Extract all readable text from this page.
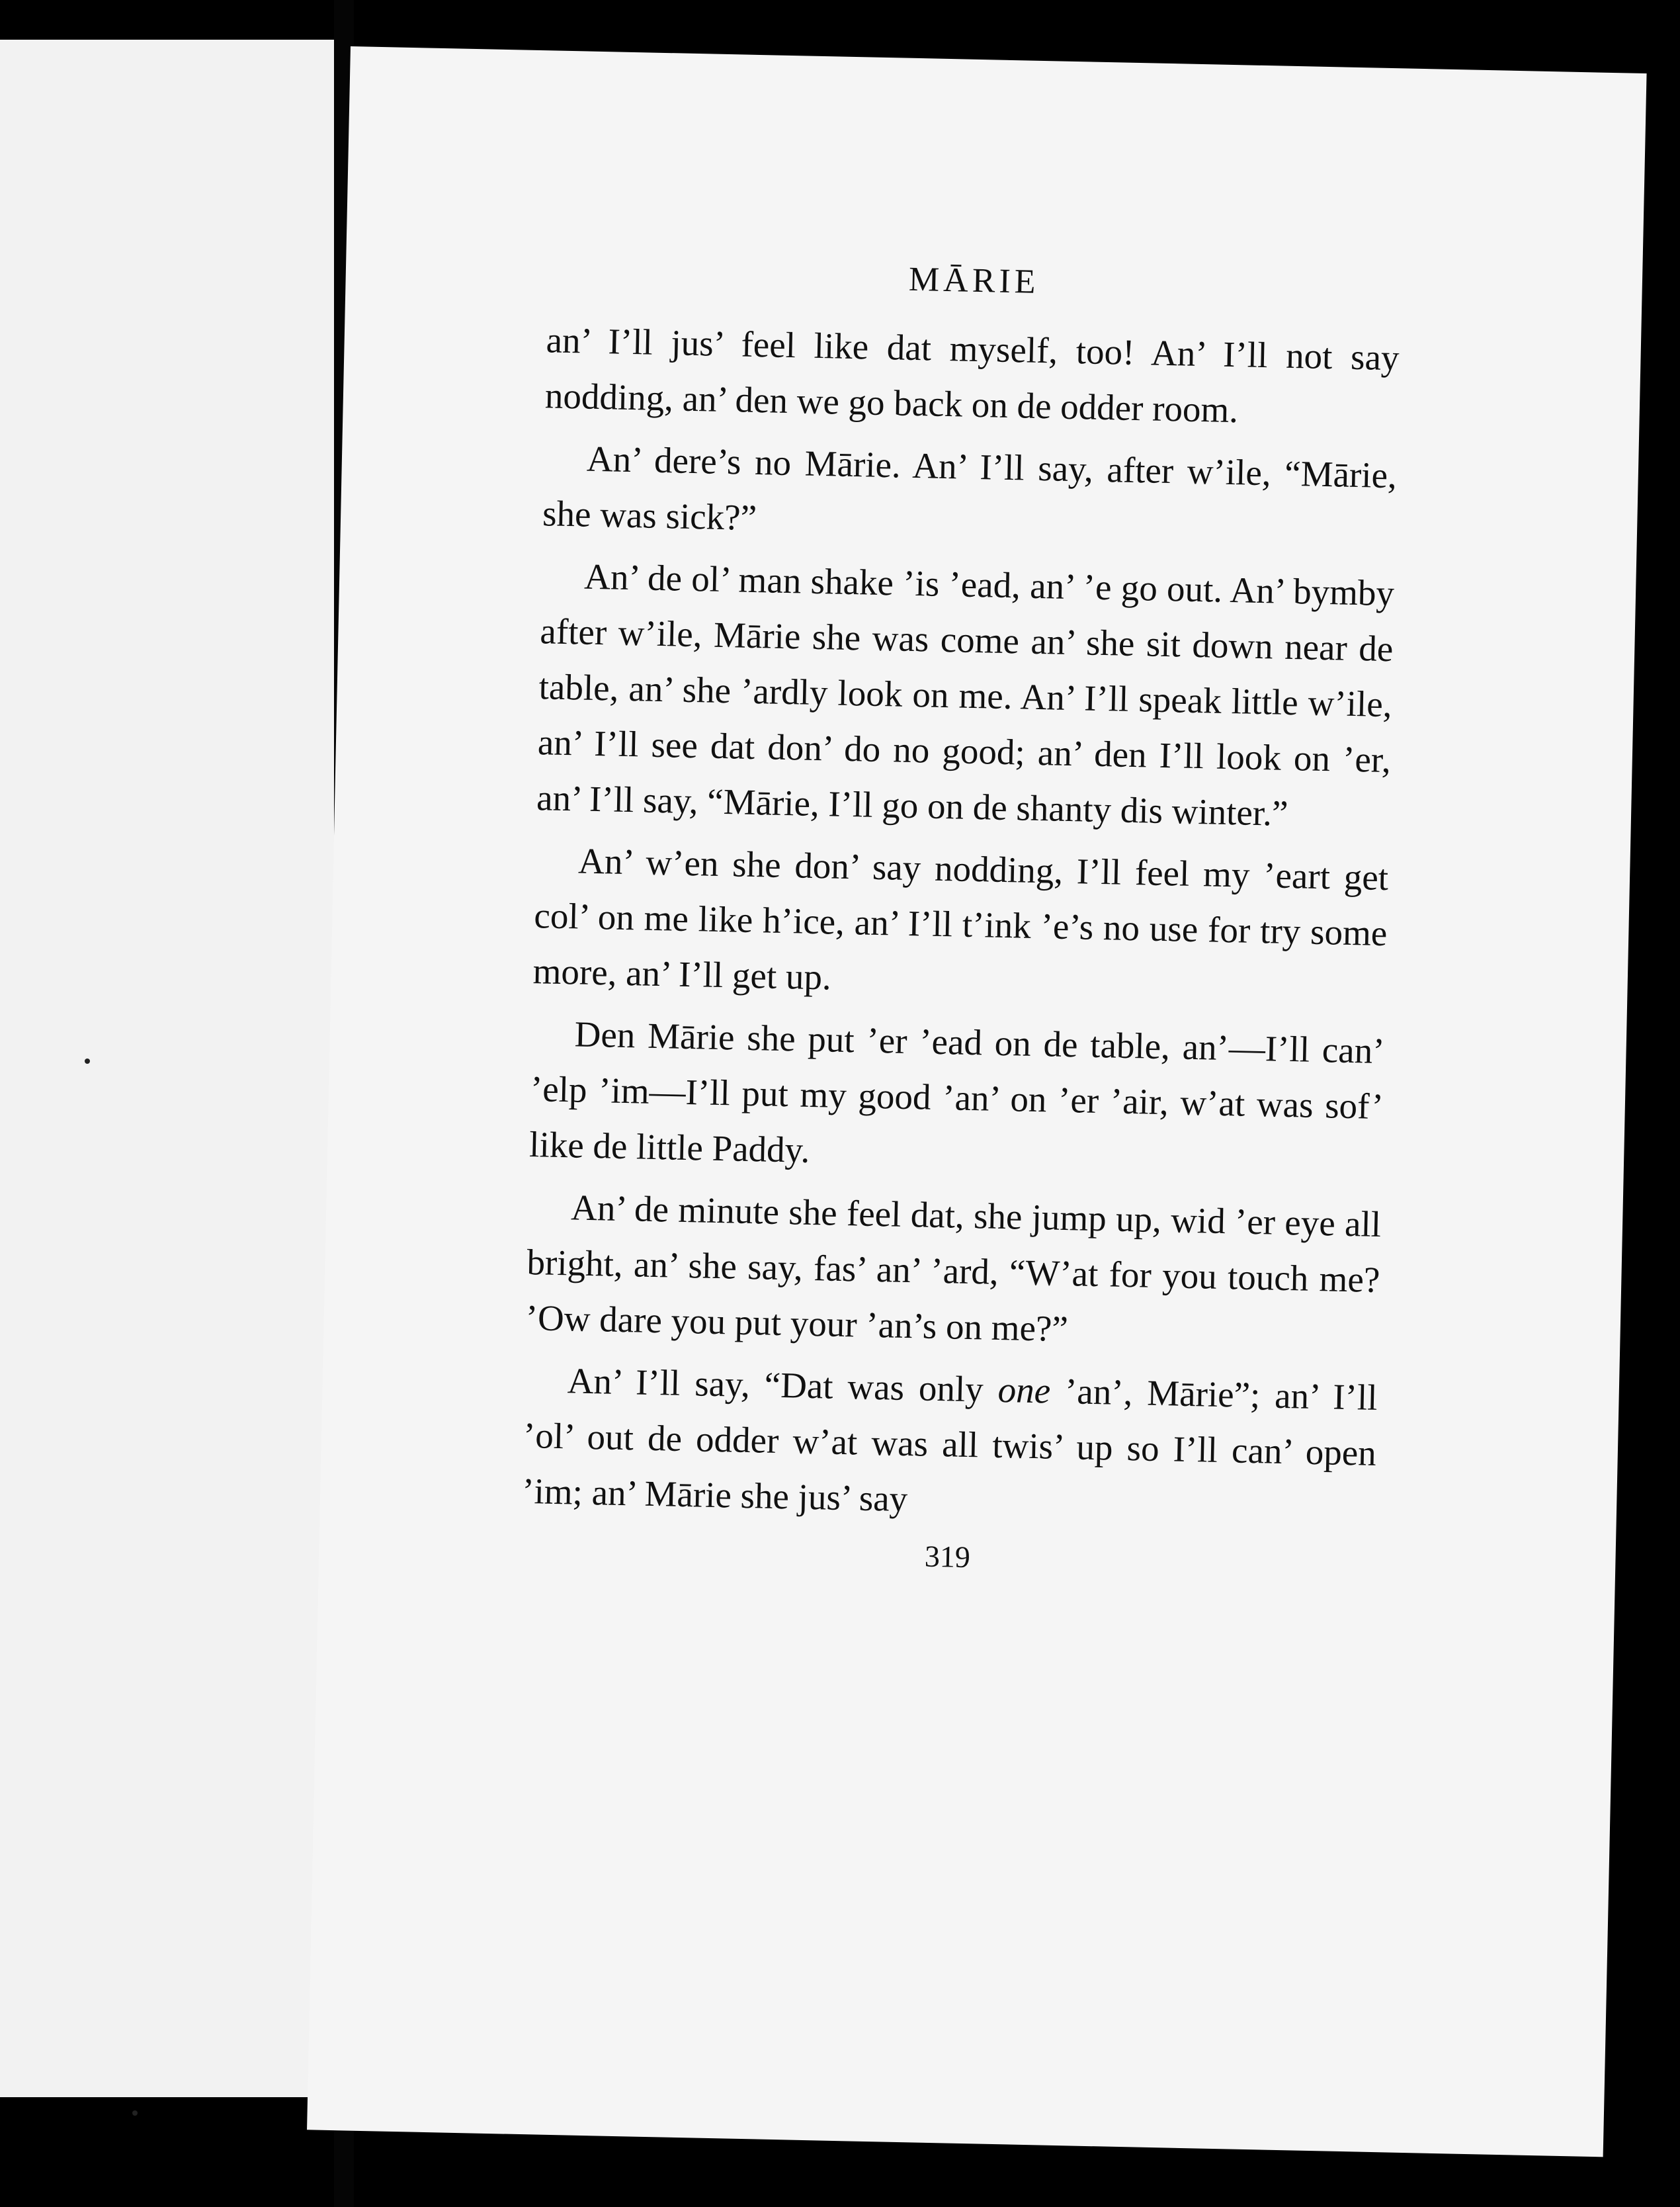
MĀRIE

an’ I’ll jus’ feel like dat myself, too! An’ I’ll not say nodding, an’ den we go back on de odder room.

An’ dere’s no Mārie. An’ I’ll say, after w’ile, “Mārie, she was sick?”

An’ de ol’ man shake ’is ’ead, an’ ’e go out. An’ bymby after w’ile, Mārie she was come an’ she sit down near de table, an’ she ’ardly look on me. An’ I’ll speak little w’ile, an’ I’ll see dat don’ do no good; an’ den I’ll look on ’er, an’ I’ll say, “Mārie, I’ll go on de shanty dis winter.”

An’ w’en she don’ say nodding, I’ll feel my ’eart get col’ on me like h’ice, an’ I’ll t’ink ’e’s no use for try some more, an’ I’ll get up.

Den Mārie she put ’er ’ead on de table, an’—I’ll can’ ’elp ’im—I’ll put my good ’an’ on ’er ’air, w’at was sof’ like de little Paddy.

An’ de minute she feel dat, she jump up, wid ’er eye all bright, an’ she say, fas’ an’ ’ard, “W’at for you touch me? ’Ow dare you put your ’an’s on me?”

An’ I’ll say, “Dat was only one ’an’, Mārie”; an’ I’ll ’ol’ out de odder w’at was all twis’ up so I’ll can’ open ’im; an’ Mārie she jus’ say

319
